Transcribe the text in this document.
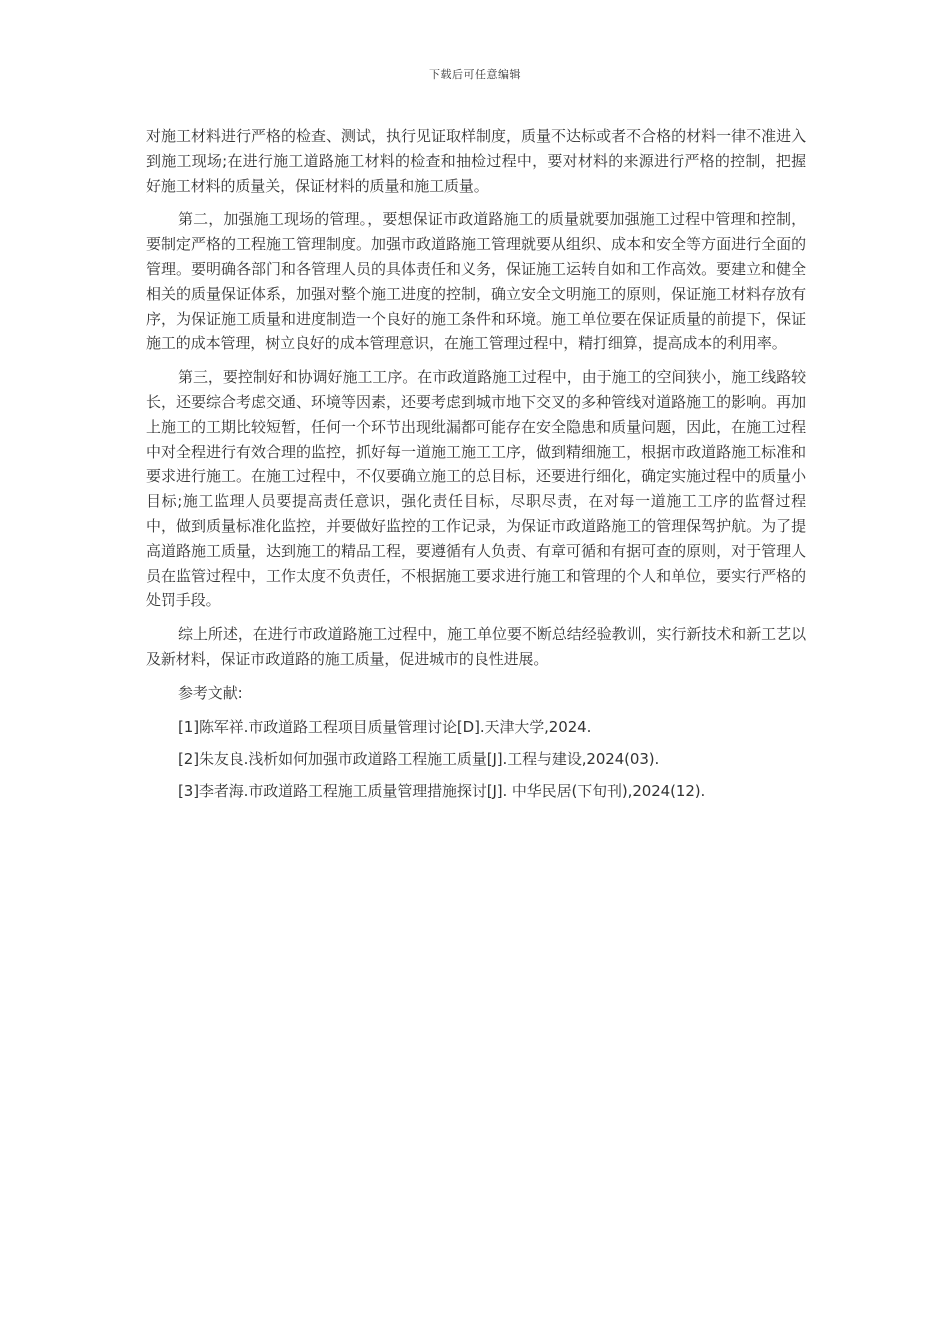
下载后可任意编辑

对施工材料进行严格的检查、测试，执行见证取样制度，质量不达标或者不合格的材料一律不准进入到施工现场;在进行施工道路施工材料的检查和抽检过程中，要对材料的来源进行严格的控制，把握好施工材料的质量关，保证材料的质量和施工质量。

第二，加强施工现场的管理。，要想保证市政道路施工的质量就要加强施工过程中管理和控制，要制定严格的工程施工管理制度。加强市政道路施工管理就要从组织、成本和安全等方面进行全面的管理。要明确各部门和各管理人员的具体责任和义务，保证施工运转自如和工作高效。要建立和健全相关的质量保证体系，加强对整个施工进度的控制，确立安全文明施工的原则，保证施工材料存放有序，为保证施工质量和进度制造一个良好的施工条件和环境。施工单位要在保证质量的前提下，保证施工的成本管理，树立良好的成本管理意识，在施工管理过程中，精打细算，提高成本的利用率。

第三，要控制好和协调好施工工序。在市政道路施工过程中，由于施工的空间狭小，施工线路较长，还要综合考虑交通、环境等因素，还要考虑到城市地下交叉的多种管线对道路施工的影响。再加上施工的工期比较短暂，任何一个环节出现纰漏都可能存在安全隐患和质量问题，因此，在施工过程中对全程进行有效合理的监控，抓好每一道施工施工工序，做到精细施工，根据市政道路施工标准和要求进行施工。在施工过程中，不仅要确立施工的总目标，还要进行细化，确定实施过程中的质量小目标;施工监理人员要提高责任意识，强化责任目标，尽职尽责，在对每一道施工工序的监督过程中，做到质量标准化监控，并要做好监控的工作记录，为保证市政道路施工的管理保驾护航。为了提高道路施工质量，达到施工的精品工程，要遵循有人负责、有章可循和有据可查的原则，对于管理人员在监管过程中，工作太度不负责任，不根据施工要求进行施工和管理的个人和单位，要实行严格的处罚手段。

综上所述，在进行市政道路施工过程中，施工单位要不断总结经验教训，实行新技术和新工艺以及新材料，保证市政道路的施工质量，促进城市的良性进展。

参考文献:

[1]陈军祥.市政道路工程项目质量管理讨论[D].天津大学,2024.
[2]朱友良.浅析如何加强市政道路工程施工质量[J].工程与建设,2024(03).
[3]李者海.市政道路工程施工质量管理措施探讨[J]. 中华民居(下旬刊),2024(12).
